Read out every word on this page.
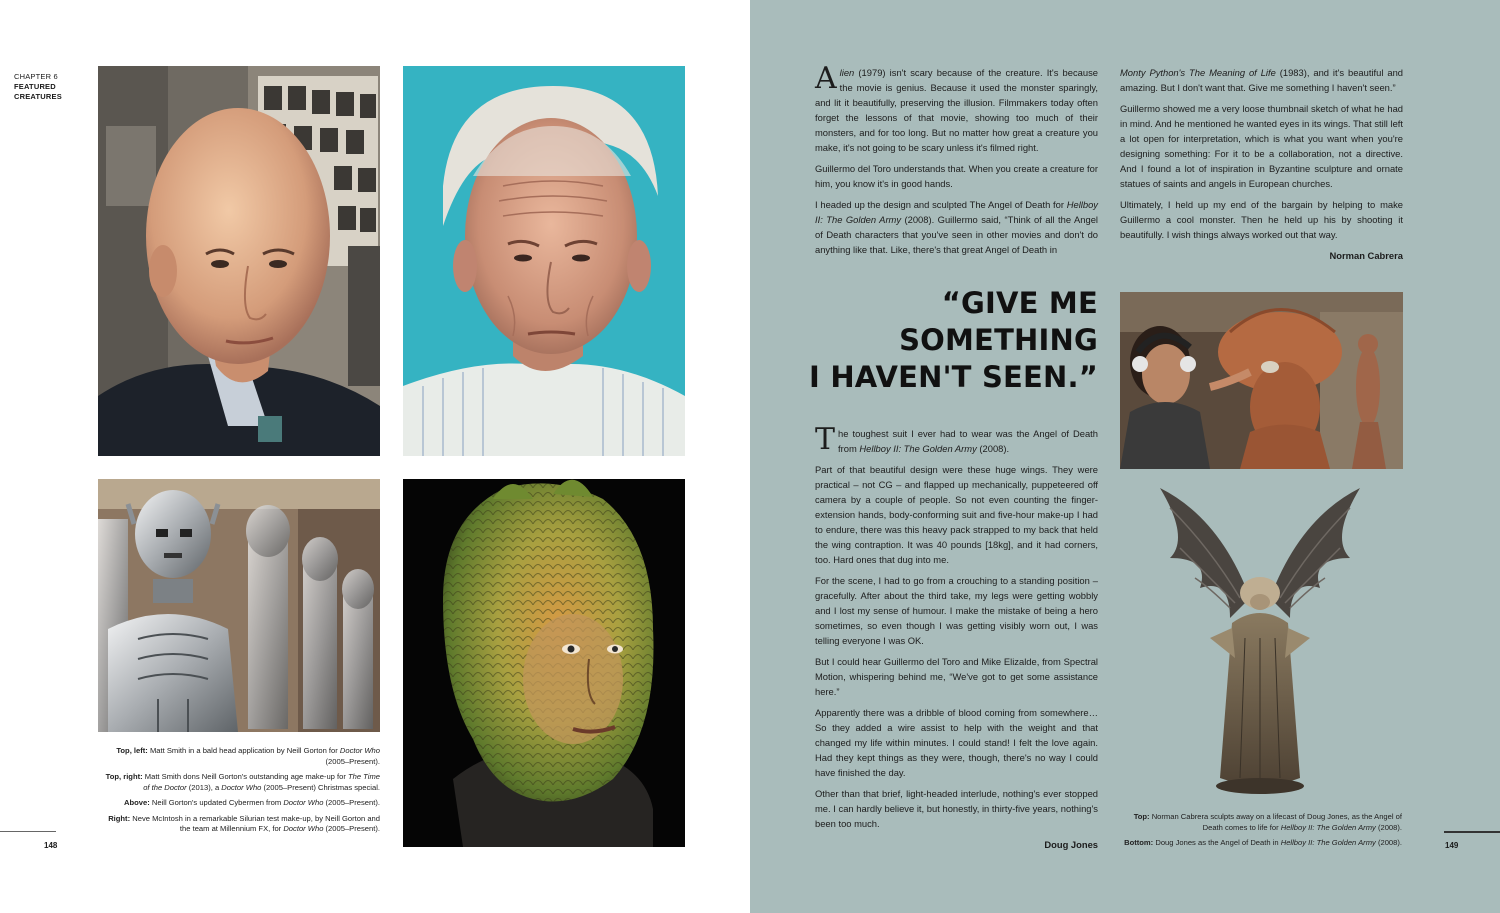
CHAPTER 6
FEATURED
CREATURES

Top, left: Matt Smith in a bald head application by Neill Gorton for Doctor Who (2005–Present).

Top, right: Matt Smith dons Neill Gorton's outstanding age make-up for The Time of the Doctor (2013), a Doctor Who (2005–Present) Christmas special.

Above: Neill Gorton's updated Cybermen from Doctor Who (2005–Present).

Right: Neve McIntosh in a remarkable Silurian test make-up, by Neill Gorton and the team at Millennium FX, for Doctor Who (2005–Present).

148

Alien (1979) isn't scary because of the creature. It's because the movie is genius. Because it used the monster sparingly, and lit it beautifully, preserving the illusion. Filmmakers today often forget the lessons of that movie, showing too much of their monsters, and for too long. But no matter how great a creature you make, it's not going to be scary unless it's filmed right.

Guillermo del Toro understands that. When you create a creature for him, you know it's in good hands.

I headed up the design and sculpted The Angel of Death for Hellboy II: The Golden Army (2008). Guillermo said, “Think of all the Angel of Death characters that you've seen in other movies and don't do anything like that. Like, there's that great Angel of Death in

Monty Python's The Meaning of Life (1983), and it's beautiful and amazing. But I don't want that. Give me something I haven't seen.”

Guillermo showed me a very loose thumbnail sketch of what he had in mind. And he mentioned he wanted eyes in its wings. That still left a lot open for interpretation, which is what you want when you're designing something: For it to be a collaboration, not a directive. And I found a lot of inspiration in Byzantine sculpture and ornate statues of saints and angels in European churches.

Ultimately, I held up my end of the bargain by helping to make Guillermo a cool monster. Then he held up his by shooting it beautifully. I wish things always worked out that way.

Norman Cabrera

“GIVE ME
SOMETHING
I HAVEN'T SEEN.”

The toughest suit I ever had to wear was the Angel of Death from Hellboy II: The Golden Army (2008).

Part of that beautiful design were these huge wings. They were practical – not CG – and flapped up mechanically, puppeteered off camera by a couple of people. So not even counting the finger-extension hands, body-conforming suit and five-hour make-up I had to endure, there was this heavy pack strapped to my back that held the wing contraption. It was 40 pounds [18kg], and it had corners, too. Hard ones that dug into me.

For the scene, I had to go from a crouching to a standing position – gracefully. After about the third take, my legs were getting wobbly and I lost my sense of humour. I make the mistake of being a hero sometimes, so even though I was getting visibly worn out, I was telling everyone I was OK.

But I could hear Guillermo del Toro and Mike Elizalde, from Spectral Motion, whispering behind me, “We've got to get some assistance here.”

Apparently there was a dribble of blood coming from somewhere… So they added a wire assist to help with the weight and that changed my life within minutes. I could stand! I felt the love again. Had they kept things as they were, though, there's no way I could have finished the day.

Other than that brief, light-headed interlude, nothing's ever stopped me. I can hardly believe it, but honestly, in thirty-five years, nothing's been too much.

Doug Jones

Top: Norman Cabrera sculpts away on a lifecast of Doug Jones, as the Angel of Death comes to life for Hellboy II: The Golden Army (2008).

Bottom: Doug Jones as the Angel of Death in Hellboy II: The Golden Army (2008).	149
